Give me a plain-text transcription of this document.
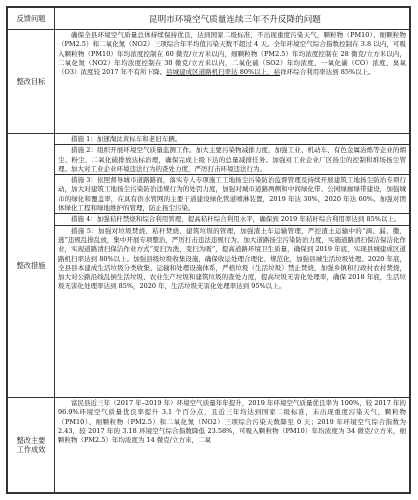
反馈问题	昆明市环境空气质量连续三年不升反降的问题
整改目标	确保全县环境空气质量总体持续保持优良，达到国家二级标准，不出现重度污染天气，颗粒物（PM10）、细颗粒物（PM2.5）和二氧化氮（NO2）三项综合年平均值污染天数不超过 4 天。全年环境空气综合指数控制在 3.8 以内，可吸入颗粒物（PM10）年均浓度控制在 60 微克/立方米以内，细颗粒物（PM2.5）年均浓度控制在 28 微克/立方米以内，二氧化氮（NO2）年均浓度控制在 30 微克/立方米以内，二氧化硫（SO2）年均浓度、一氧化碳（CO）浓度、臭氧（O3）浓度较 2017 年不有所下降。县城建成区道路机扫率达 80%以上，裕祥环综合利用率达到 85%以上。

整改措施	措施 1：加速淘汰黄标车和老旧车辆。
措施 2：组织开展环境空气质量监测工作。加大主要污染物减排力度，加强工业、机动车、有色金属冶炼等企业的烟尘、粉尘、二氧化硫排放达标治理，确保完成上级下达的总量减排任务。加强对工业企业厂区扬尘的控制和堆场扬尘管理。加大对工业企业环境违法行为的查处力度，严厉打击环境违法行为。
措施 3：依照督导城市道路路面，落实专人专项施工工地扬尘污染防治监督管理及持续开展建筑工地扬尘防治专项行动，加大对建筑工地扬尘污染防治违规行为的处罚力度，加强对城市道路两侧和中间绿化带、公园绿廊绿带建设，加强城市的绿化和覆盖率，在具有供水管网的主要干道建设绿化管道喷淋装置，2019 年达 30%，2020 年达 60%。加强对团体绿化工程和绿地维护的管理，防止扬尘污染。
措施 4：加强秸秆禁烧和综合利用管理，提高秸秆综合利用水平，确保到 2019 年秸秆综合利用率达到 85%以上。
措施 5：加强对垃圾焚烧、秸秆焚烧、建筑垃圾的管理，加强渣土车运输管理，严控渣土运输中的“滴、漏、撒、逃”违规乱排乱放，集中开展专项整治，严厉打击违法违规行为，加大道路扬尘污染防治力度，实施道路清扫保洁保洁化作业，实现道路清扫保洁作业方式“变扫为洗、变扫为吸”，提高道路环境卫生质量，确保到 2019 年底，实现县城建成区道路机扫率达到 80%以上。加强县级垃圾收集设施，确保收运处理合理化、规范化，加强县城生活垃圾处理。2020 年底，全县县本建成生活垃圾分类收集、运输和处理设施体系，严格垃圾（生活垃圾）禁止焚烧，加强乡镇和行政村农村焚烧，加大对公路沿线乱倒生活垃圾、农业生产垃圾和建筑垃圾的查处力度，提高垃圾无害化处理率，确保 2018 年底，生活垃圾无害化处理率达到 85%，2020 年，生活垃圾无害化处理率达到 95%以上。

整改主要
工作成效	富民县近三年（2017 年–2019 年）环境空气质量年年提升，2019 年环境空气质量优良率为 100%，较 2017 年的 96.9%环境空气质量优良率提升 3.1 个百分点，且近三年均达到国家二级标准，未出现重度污染天气，颗粒物（PM10）、细颗粒物（PM2.5）和二氧化氮（NO2）三项综合污染天数降至 0 天；2019 年环境空气综合指数为 2.43，较 2017 年的 3.18 环境空气综合指数降低 23.58%，可吸入颗粒物（PM10）年均浓度为 34 微克/立方米，细颗粒物（PM2.5）年均浓度为 14 微克/立方米，二氧
